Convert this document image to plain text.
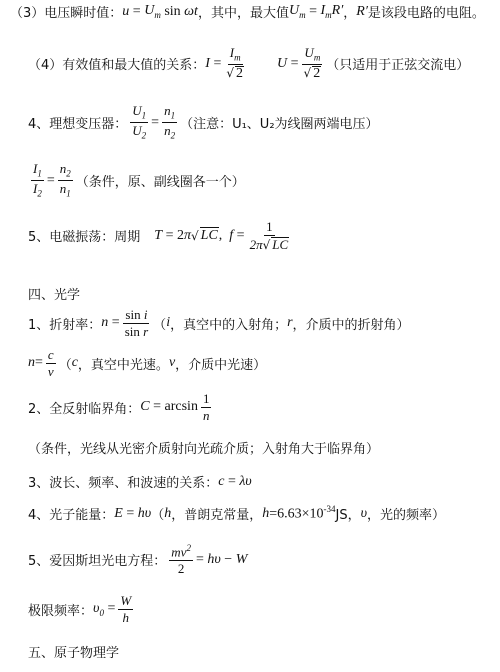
（3）电压瞬时值： $u = U_m$ sin ωt ，其中，最大值 $U_m = I_mR'$ ， R′ 是该段电路的电阻。
（4）有效值和最大值的关系： $I = \frac{I_m}{√ 2}$ $U = \frac{U_m}{√ 2}$ （只适用于正弦交流电）
4、理想变压器： $\frac{U_1}{U_2} = \frac{n_1}{n_2}$ （注意：U₁、U₂为线圈两端电压）
$\frac{I_1}{I_2} = \frac{n_2}{n_1}$ （条件，原、副线圈各一个）
5、电磁振荡：周期 T = 2 π √ LC , $f = \frac{1}{2\pi√ LC}$
四、光学
1、折射率： $n = \frac{\text{sin i}}{\text{sin r}}$ （ i ，真空中的入射角； r ，介质中的折射角）
$n = \frac{c}{v}$ （ c ，真空中光速。 v ，介质中光速）
2、全反射临界角： $C = \arcsin \frac{1}{n}$
（条件，光线从光密介质射向光疏介质；入射角大于临界角）
3、波长、频率、和波速的关系： c = λυ
4、光子能量： E = hυ （ h ，普朗克常量， $h =6.63\times 10^{-34}$ JS， υ ，光的频率）
5、爱因斯坦光电方程： $\frac{mv^2}{2} = h\upsilon - W$
极限频率： $\upsilon_0 = \frac{W}{h}$
五、原子物理学
